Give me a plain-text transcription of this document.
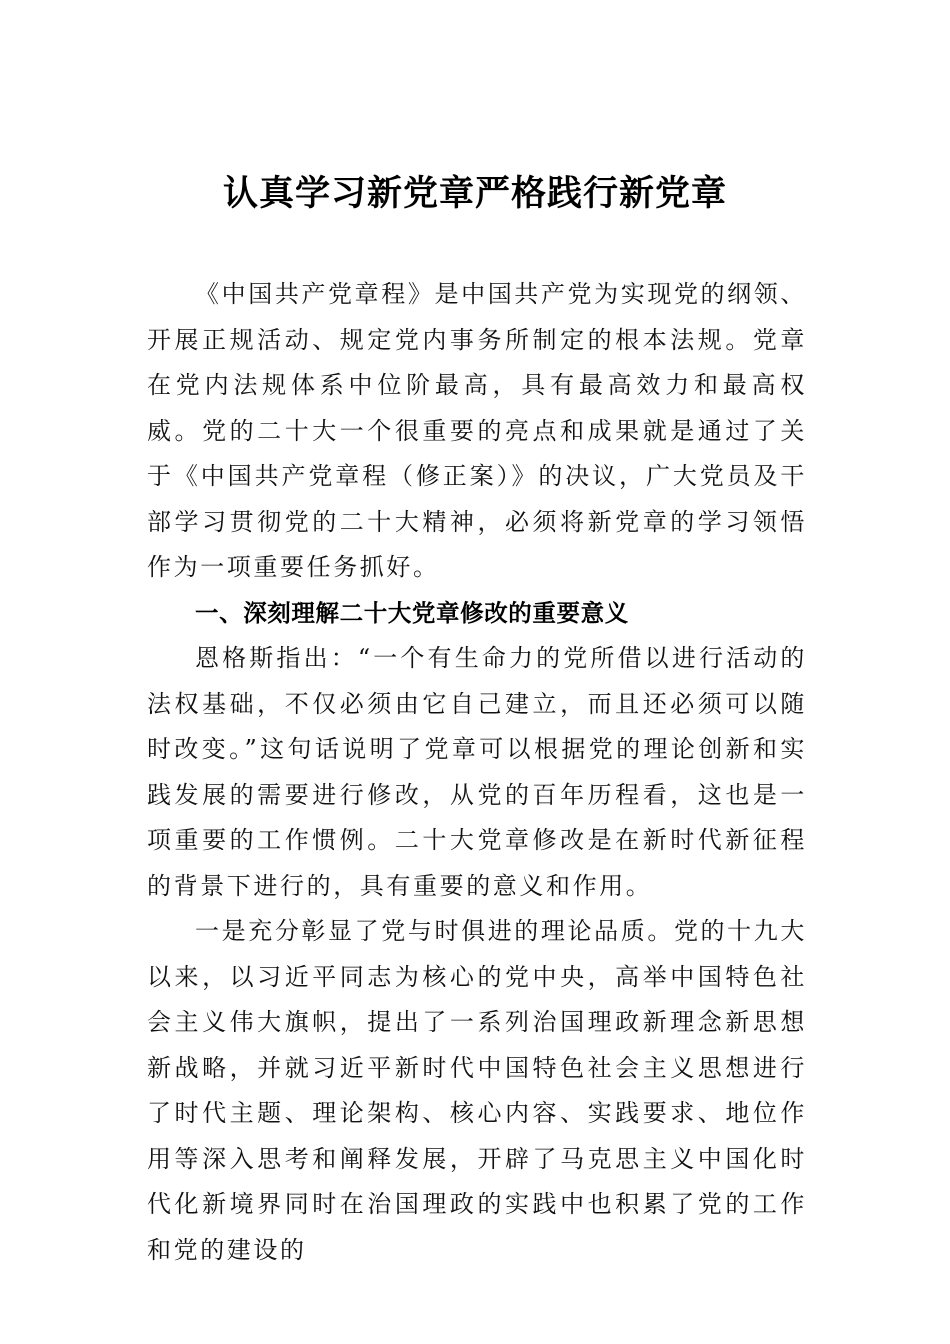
认真学习新党章严格践行新党章

《中国共产党章程》是中国共产党为实现党的纲领、开展正规活动、规定党内事务所制定的根本法规。党章在党内法规体系中位阶最高，具有最高效力和最高权威。党的二十大一个很重要的亮点和成果就是通过了关于《中国共产党章程（修正案）》的决议，广大党员及干部学习贯彻党的二十大精神，必须将新党章的学习领悟作为一项重要任务抓好。

一、深刻理解二十大党章修改的重要意义

恩格斯指出：“一个有生命力的党所借以进行活动的法权基础，不仅必须由它自己建立，而且还必须可以随时改变。”这句话说明了党章可以根据党的理论创新和实践发展的需要进行修改，从党的百年历程看，这也是一项重要的工作惯例。二十大党章修改是在新时代新征程的背景下进行的，具有重要的意义和作用。

一是充分彰显了党与时俱进的理论品质。党的十九大以来，以习近平同志为核心的党中央，高举中国特色社会主义伟大旗帜，提出了一系列治国理政新理念新思想新战略，并就习近平新时代中国特色社会主义思想进行了时代主题、理论架构、核心内容、实践要求、地位作用等深入思考和阐释发展，开辟了马克思主义中国化时代化新境界同时在治国理政的实践中也积累了党的工作和党的建设的
